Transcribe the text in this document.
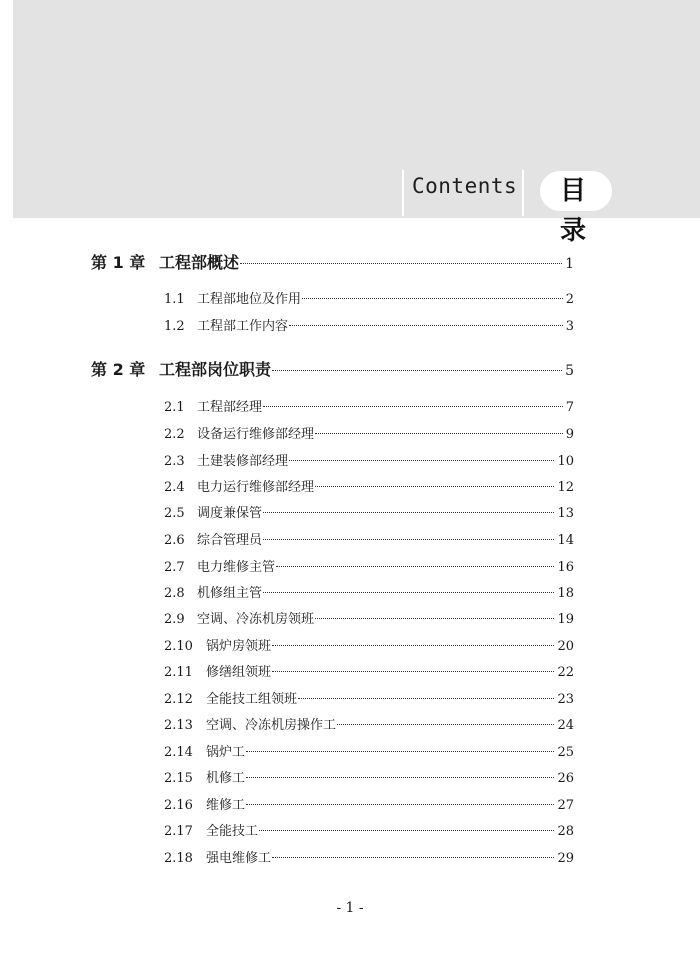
Contents	目 录
第 1 章 工程部概述	1
1.1 工程部地位及作用	2
1.2 工程部工作内容	3
第 2 章 工程部岗位职责	5
2.1 工程部经理	7
2.2 设备运行维修部经理	9
2.3 土建装修部经理	10
2.4 电力运行维修部经理	12
2.5 调度兼保管	13
2.6 综合管理员	14
2.7 电力维修主管	16
2.8 机修组主管	18
2.9 空调、冷冻机房领班	19
2.10	锅炉房领班	20
2.11	修缮组领班	22
2.12	全能技工组领班	23
2.13	空调、冷冻机房操作工	24
2.14	锅炉工	25
2.15	机修工	26
2.16	维修工	27
2.17	全能技工	28
2.18	强电维修工	29
- 1 -
